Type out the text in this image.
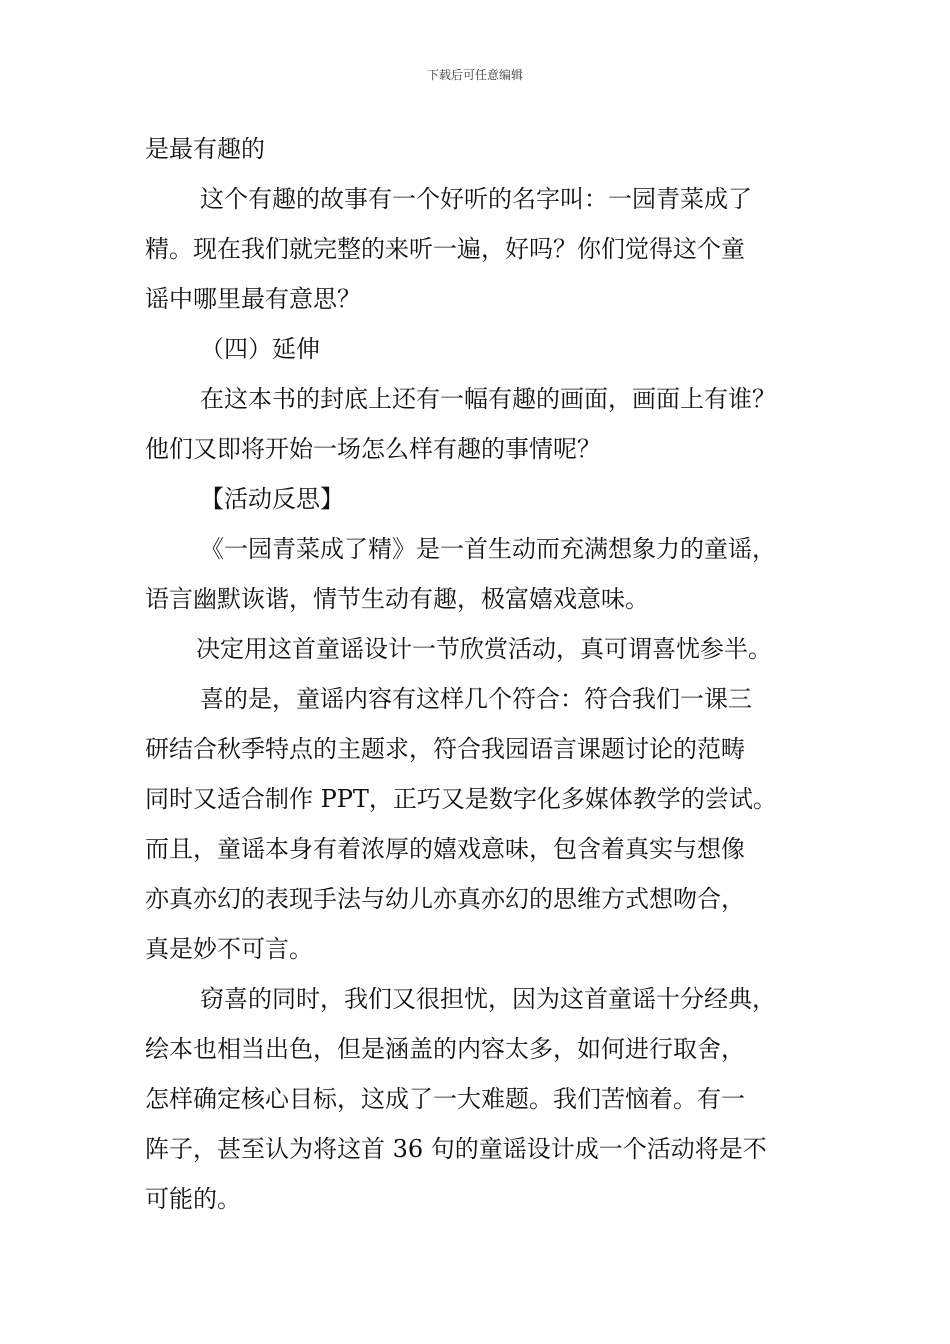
下载后可任意编辑
是最有趣的
这个有趣的故事有一个好听的名字叫：一园青菜成了
精。现在我们就完整的来听一遍，好吗？你们觉得这个童
谣中哪里最有意思？
（四）延伸
在这本书的封底上还有一幅有趣的画面，画面上有谁？
他们又即将开始一场怎么样有趣的事情呢？
【活动反思】
《一园青菜成了精》是一首生动而充满想象力的童谣，
语言幽默诙谐，情节生动有趣，极富嬉戏意味。
决定用这首童谣设计一节欣赏活动，真可谓喜忧参半。
喜的是，童谣内容有这样几个符合：符合我们一课三
研结合秋季特点的主题求，符合我园语言课题讨论的范畴
同时又适合制作 PPT，正巧又是数字化多媒体教学的尝试。
而且，童谣本身有着浓厚的嬉戏意味，包含着真实与想像
亦真亦幻的表现手法与幼儿亦真亦幻的思维方式想吻合，
真是妙不可言。
窃喜的同时，我们又很担忧，因为这首童谣十分经典，
绘本也相当出色，但是涵盖的内容太多，如何进行取舍，
怎样确定核心目标，这成了一大难题。我们苦恼着。有一
阵子，甚至认为将这首 36 句的童谣设计成一个活动将是不
可能的。
